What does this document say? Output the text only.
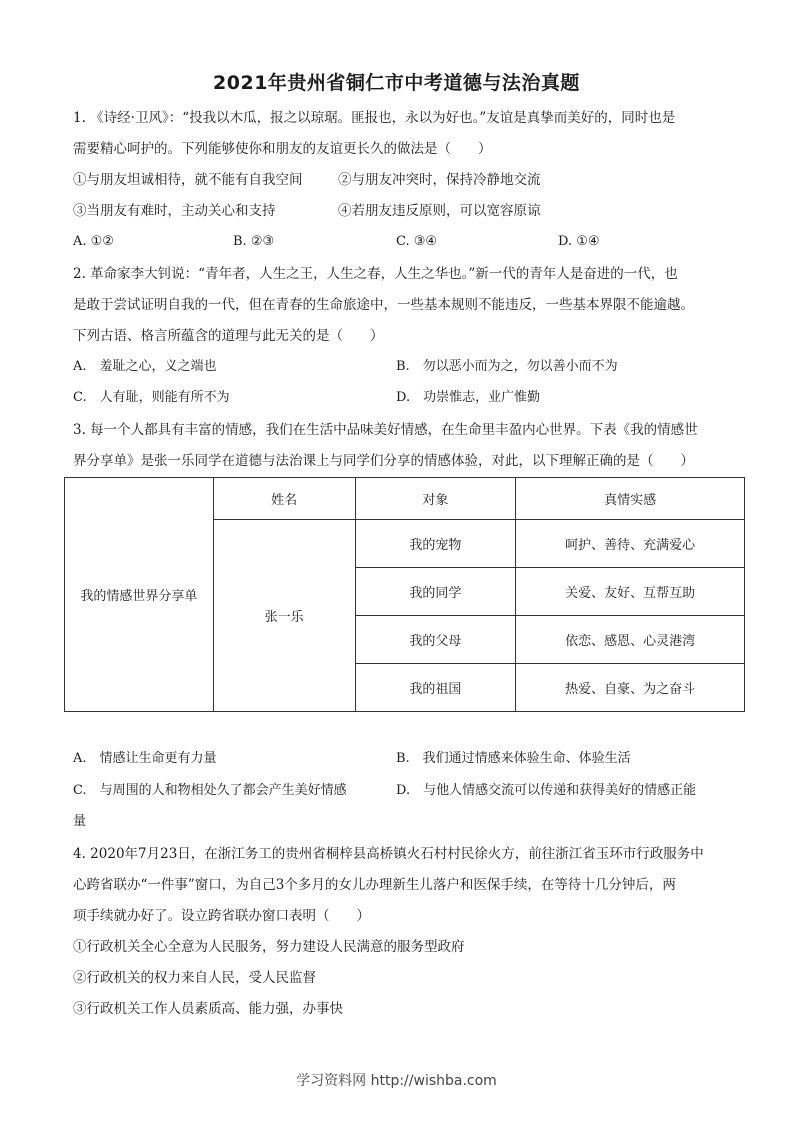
2021年贵州省铜仁市中考道德与法治真题
1. 《诗经·卫风》：“投我以木瓜，报之以琼琚。匪报也，永以为好也。”友谊是真挚而美好的，同时也是
需要精心呵护的。下列能够使你和朋友的友谊更长久的做法是（　　）
①与朋友坦诚相待，就不能有自我空间	②与朋友冲突时，保持冷静地交流
③当朋友有难时，主动关心和支持	④若朋友违反原则，可以宽容原谅
A. ①②	B. ②③	C. ③④	D. ①④
2. 革命家李大钊说：“青年者，人生之王，人生之春，人生之华也。”新一代的青年人是奋进的一代，也
是敢于尝试证明自我的一代，但在青春的生命旅途中，一些基本规则不能违反，一些基本界限不能逾越。
下列古语、格言所蕴含的道理与此无关的是（　　）
A.　羞耻之心，义之端也	B.　勿以恶小而为之，勿以善小而不为
C.　人有耻，则能有所不为	D.　功崇惟志，业广惟勤
3. 每一个人都具有丰富的情感，我们在生活中品味美好情感，在生命里丰盈内心世界。下表《我的情感世
界分享单》是张一乐同学在道德与法治课上与同学们分享的情感体验，对此，以下理解正确的是（　　）
我的情感世界分享单	姓名	对象	真情实感
	张一乐	我的宠物	呵护、善待、充满爱心
		我的同学	关爱、友好、互帮互助
		我的父母	依恋、感恩、心灵港湾
		我的祖国	热爱、自豪、为之奋斗
A.　情感让生命更有力量	B.　我们通过情感来体验生命、体验生活
C.　与周围的人和物相处久了都会产生美好情感	D.　与他人情感交流可以传递和获得美好的情感正能
量
4. 2020年7月23日，在浙江务工的贵州省桐梓县高桥镇火石村村民徐火方，前往浙江省玉环市行政服务中
心跨省联办“一件事”窗口，为自己3个多月的女儿办理新生儿落户和医保手续，在等待十几分钟后，两
项手续就办好了。设立跨省联办窗口表明（　　）
①行政机关全心全意为人民服务，努力建设人民满意的服务型政府
②行政机关的权力来自人民，受人民监督
③行政机关工作人员素质高、能力强，办事快
学习资料网 http://wishba.com
